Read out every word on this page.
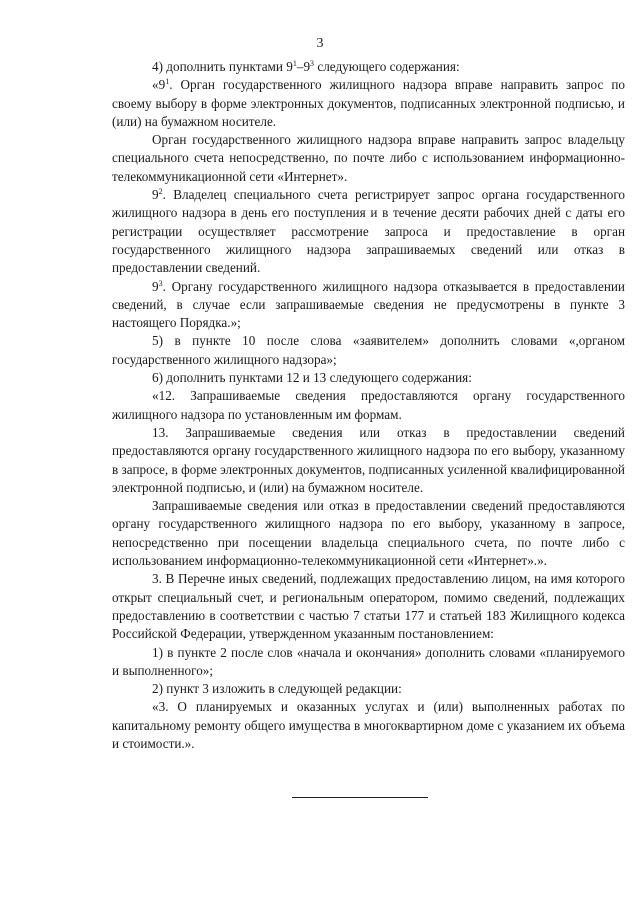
3

4) дополнить пунктами $9^1-9^3$ следующего содержания:

«$9^1$. Орган государственного жилищного надзора вправе направить запрос по своему выбору в форме электронных документов, подписанных электронной подписью, и (или) на бумажном носителе.

Орган государственного жилищного надзора вправе направить запрос владельцу специального счета непосредственно, по почте либо с использованием информационно-телекоммуникационной сети «Интернет».

$9^2$. Владелец специального счета регистрирует запрос органа государственного жилищного надзора в день его поступления и в течение десяти рабочих дней с даты его регистрации осуществляет рассмотрение запроса и предоставление в орган государственного жилищного надзора запрашиваемых сведений или отказ в предоставлении сведений.

$9^3$. Органу государственного жилищного надзора отказывается в предоставлении сведений, в случае если запрашиваемые сведения не предусмотрены в пункте 3 настоящего Порядка.»;

5) в пункте 10 после слова «заявителем» дополнить словами «,органом государственного жилищного надзора»;

6) дополнить пунктами 12 и 13 следующего содержания:

«12. Запрашиваемые сведения предоставляются органу государственного жилищного надзора по установленным им формам.

13. Запрашиваемые сведения или отказ в предоставлении сведений предоставляются органу государственного жилищного надзора по его выбору, указанному в запросе, в форме электронных документов, подписанных усиленной квалифицированной электронной подписью, и (или) на бумажном носителе.

Запрашиваемые сведения или отказ в предоставлении сведений предоставляются органу государственного жилищного надзора по его выбору, указанному в запросе, непосредственно при посещении владельца специального счета, по почте либо с использованием информационно-телекоммуникационной сети «Интернет».».

3. В Перечне иных сведений, подлежащих предоставлению лицом, на имя которого открыт специальный счет, и региональным оператором, помимо сведений, подлежащих предоставлению в соответствии с частью 7 статьи 177 и статьей 183 Жилищного кодекса Российской Федерации, утвержденном указанным постановлением:

1) в пункте 2 после слов «начала и окончания» дополнить словами «планируемого и выполненного»;

2) пункт 3 изложить в следующей редакции:

«3. О планируемых и оказанных услугах и (или) выполненных работах по капитальному ремонту общего имущества в многоквартирном доме с указанием их объема и стоимости.».
